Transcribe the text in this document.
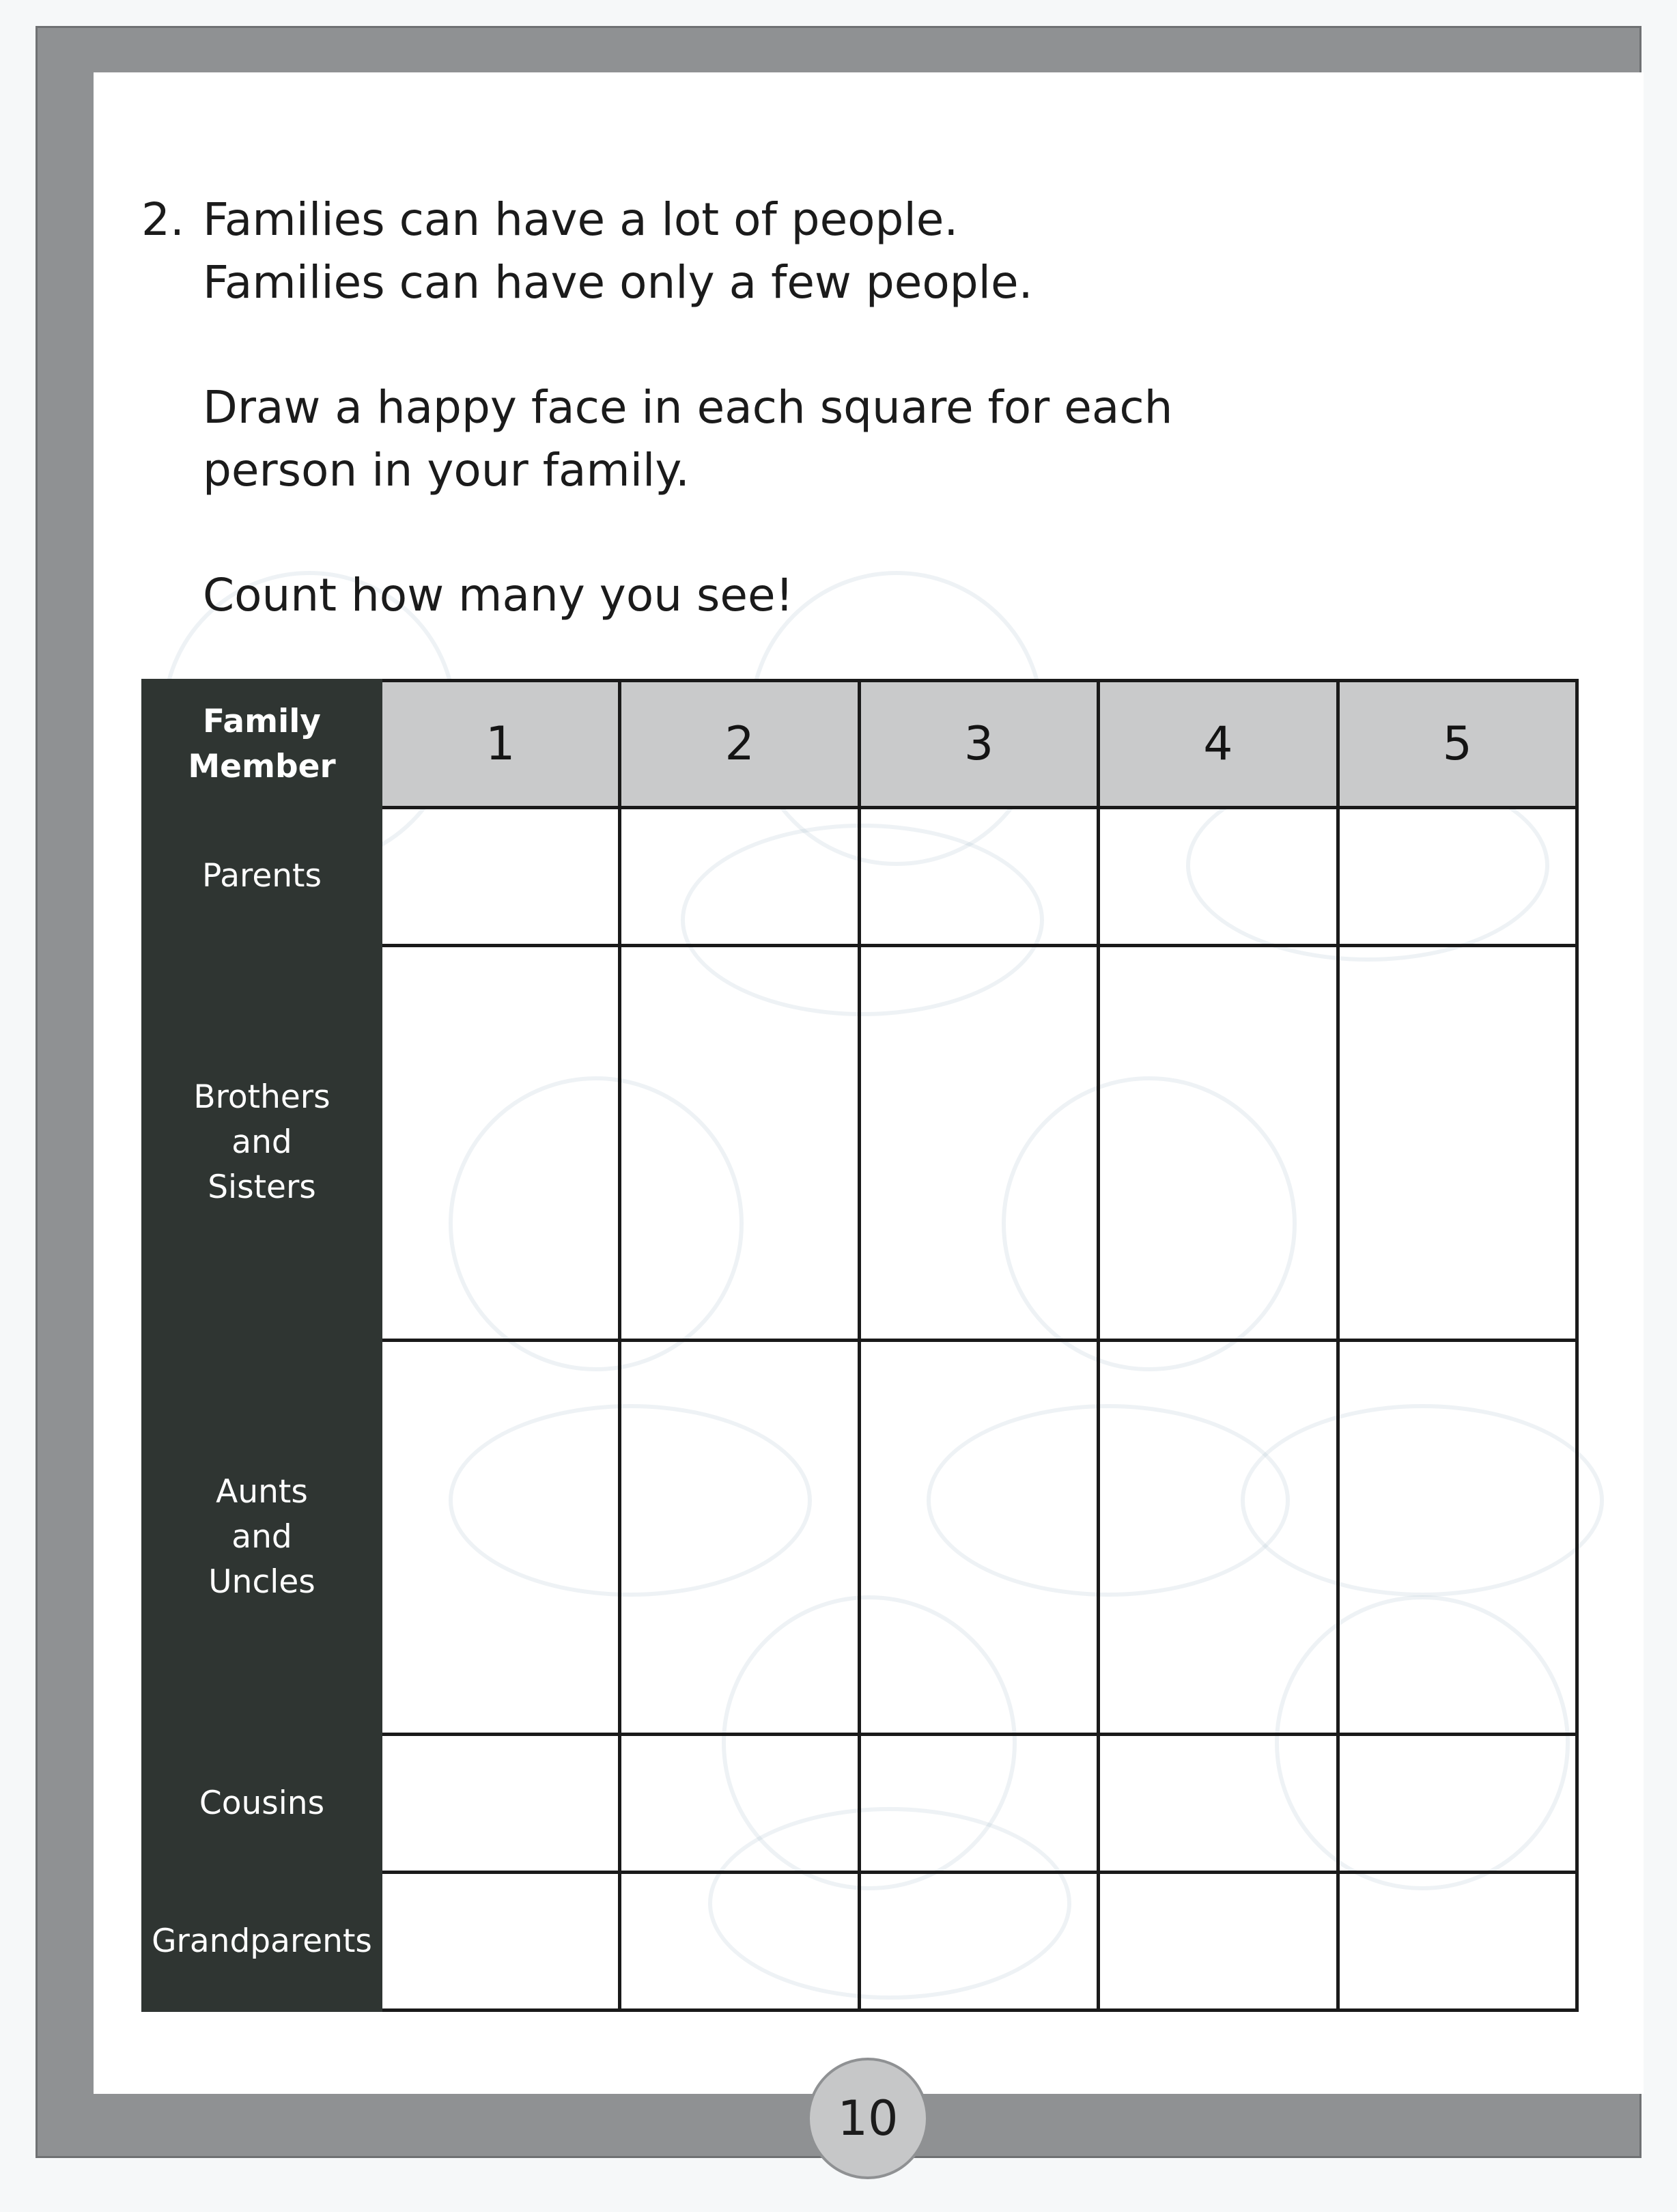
2. Families can have a lot of people.
Families can have only a few people.
Draw a happy face in each square for each
person in your family.
Count how many you see!
Family
Member	1	2	3	4	5

Parents					

Brothers
and
Sisters					

Aunts
and
Uncles					

Cousins					

Grandparents					

10
